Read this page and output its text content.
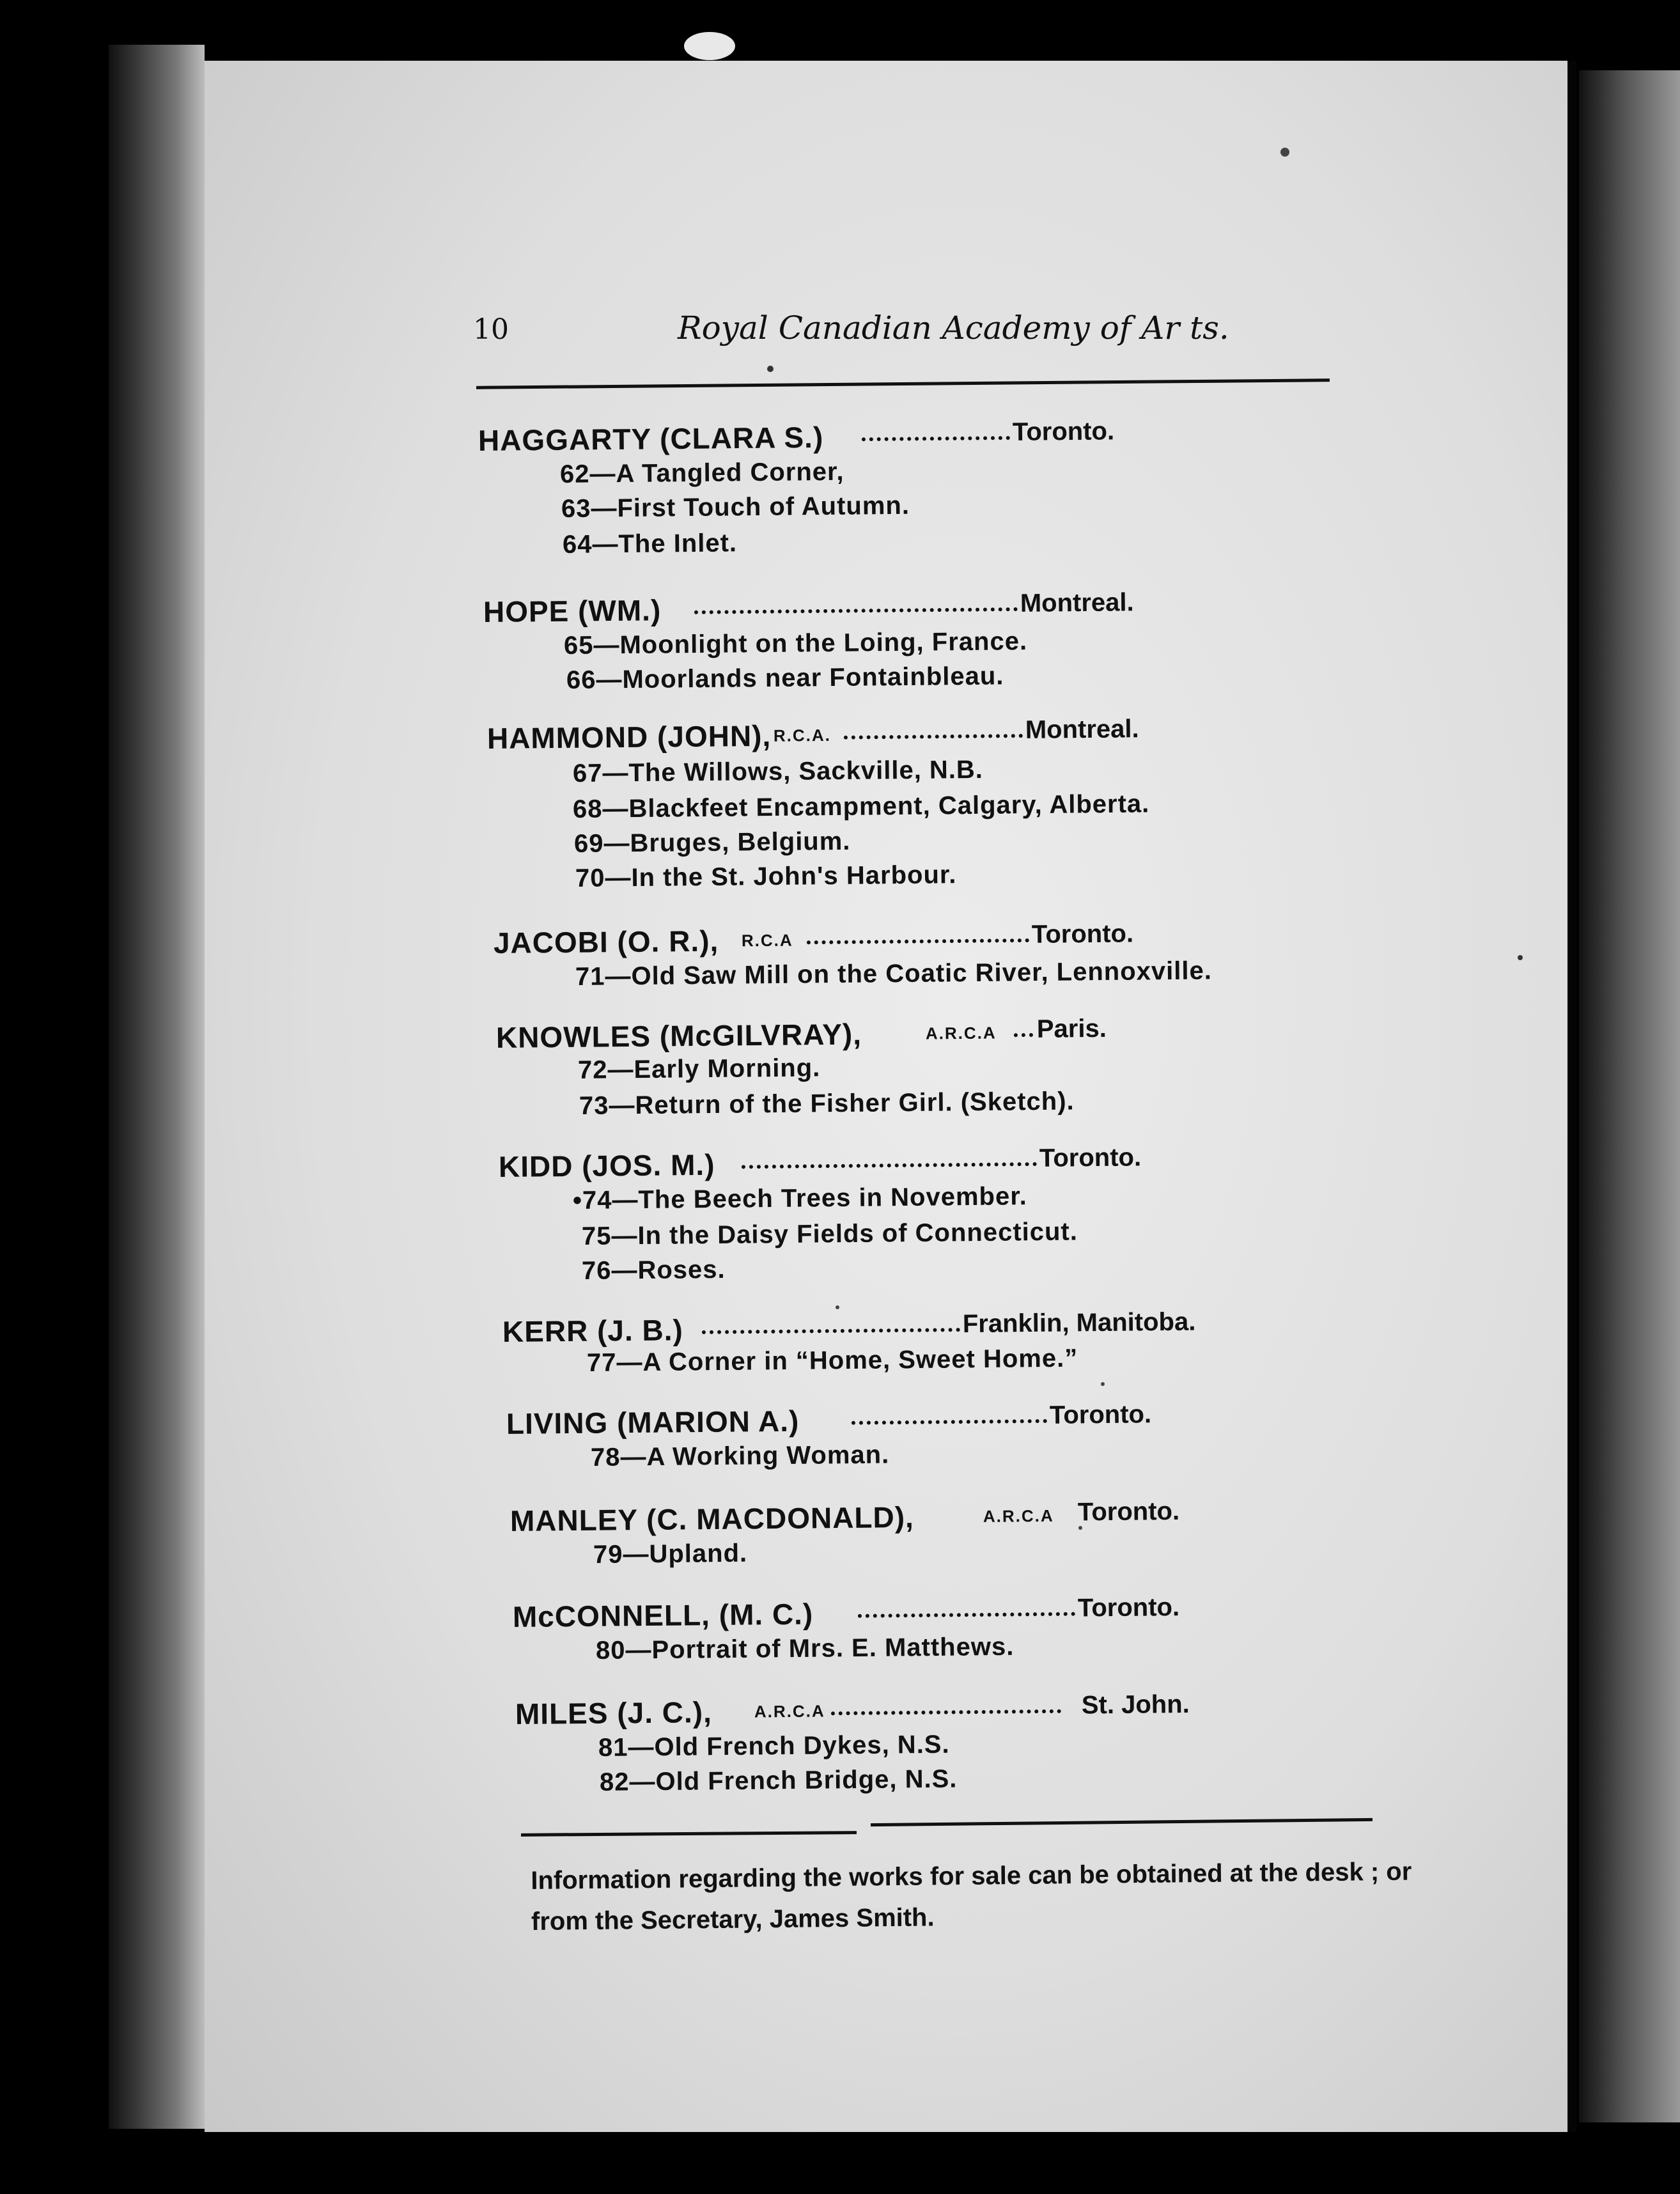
10	Royal Canadian Academy of Ar ts.
HAGGARTY (CLARA S.)	Toronto.
62—A Tangled Corner,
63—First Touch of Autumn.
64—The Inlet.
HOPE (WM.)	Montreal.
65—Moonlight on the Loing, France.
66—Moorlands near Fontainbleau.
HAMMOND (JOHN), R.C.A.	Montreal.
67—The Willows, Sackville, N.B.
68—Blackfeet Encampment, Calgary, Alberta.
69—Bruges, Belgium.
70—In the St. John's Harbour.
JACOBI (O. R.), R.C.A	Toronto.
71—Old Saw Mill on the Coatic River, Lennoxville.
KNOWLES (McGILVRAY),	A.R.C.A Paris.
72—Early Morning.
73—Return of the Fisher Girl. (Sketch).
KIDD (JOS. M.)	Toronto.
•74—The Beech Trees in November.
75—In the Daisy Fields of Connecticut.
76—Roses.
KERR (J. B.)	Franklin, Manitoba.
77—A Corner in “Home, Sweet Home.”
LIVING (MARION A.)	Toronto.
78—A Working Woman.
MANLEY (C. MACDONALD),	A.R.C.A Toronto.
79—Upland.
McCONNELL, (M. C.)	Toronto.
80—Portrait of Mrs. E. Matthews.
MILES (J. C.),	A.R.C.A	St. John.
81—Old French Dykes, N.S.
82—Old French Bridge, N.S.
Information regarding the works for sale can be obtained at the desk ; or from the Secretary, James Smith.
